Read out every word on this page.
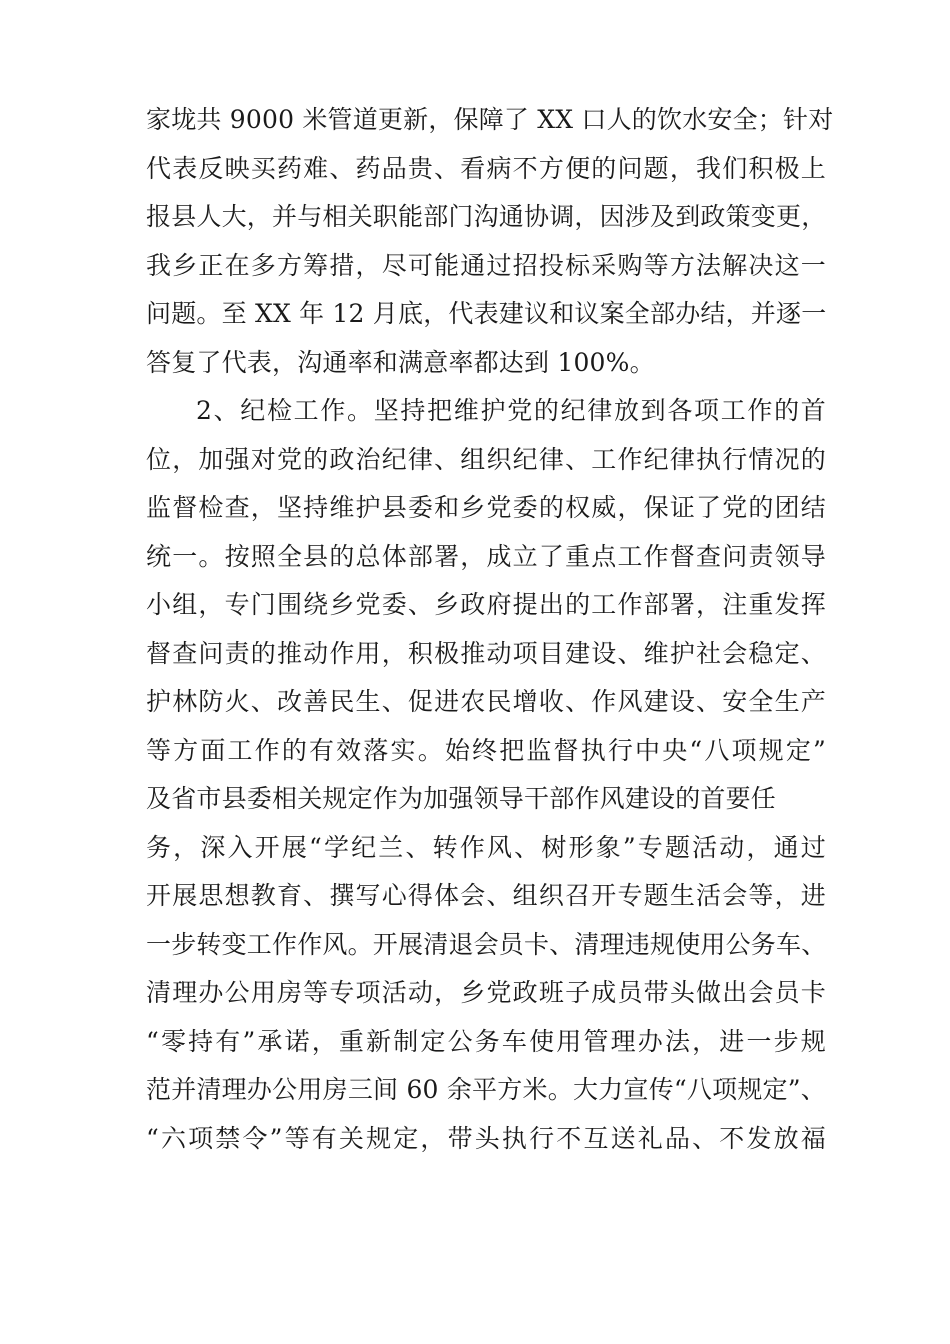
家垅共 9000 米管道更新，保障了 XX 口人的饮水安全；针对
代表反映买药难、药品贵、看病不方便的问题，我们积极上
报县人大，并与相关职能部门沟通协调，因涉及到政策变更，
我乡正在多方筹措，尽可能通过招投标采购等方法解决这一
问题。至 XX 年 12 月底，代表建议和议案全部办结，并逐一
答复了代表，沟通率和满意率都达到 100%。
2、纪检工作。坚持把维护党的纪律放到各项工作的首
位，加强对党的政治纪律、组织纪律、工作纪律执行情况的
监督检查，坚持维护县委和乡党委的权威，保证了党的团结
统一。按照全县的总体部署，成立了重点工作督查问责领导
小组，专门围绕乡党委、乡政府提出的工作部署，注重发挥
督查问责的推动作用，积极推动项目建设、维护社会稳定、
护林防火、改善民生、促进农民增收、作风建设、安全生产
等方面工作的有效落实。始终把监督执行中央“八项规定”
及省市县委相关规定作为加强领导干部作风建设的首要任
务，深入开展“学纪兰、转作风、树形象”专题活动，通过
开展思想教育、撰写心得体会、组织召开专题生活会等，进
一步转变工作作风。开展清退会员卡、清理违规使用公务车、
清理办公用房等专项活动，乡党政班子成员带头做出会员卡
“零持有”承诺，重新制定公务车使用管理办法，进一步规
范并清理办公用房三间 60 余平方米。大力宣传“八项规定”、
“六项禁令”等有关规定，带头执行不互送礼品、不发放福
